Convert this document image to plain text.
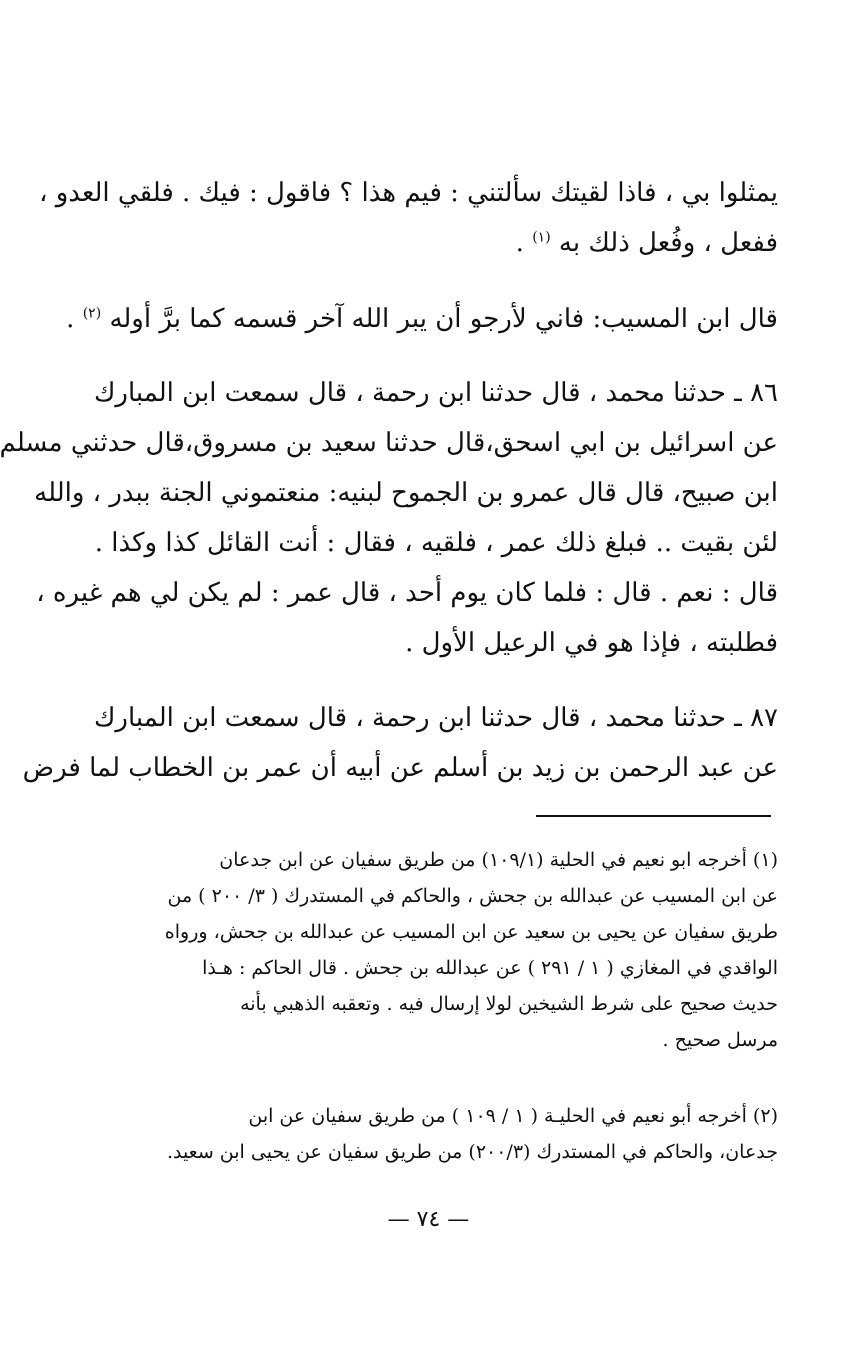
يمثلوا بي ، فاذا لقيتك سألتني : فيم هذا ؟ فاقول : فيك . فلقي العدو ،
ففعل ، وفُعل ذلك به $^{(١)}$ .
قال ابن المسيب: فاني لأرجو أن يبر الله آخر قسمه كما برَّ أوله $^{(٢)}$ .
٨٦ ـ حدثنا محمد ، قال حدثنا ابن رحمة ، قال سمعت ابن المبارك
عن اسرائيل بن ابي اسحق،قال حدثنا سعيد بن مسروق،قال حدثني مسلم
ابن صبيح، قال قال عمرو بن الجموح لبنيه: منعتموني الجنة ببدر ، والله
لئن بقيت .. فبلغ ذلك عمر ، فلقيه ، فقال : أنت القائل كذا وكذا .
قال : نعم . قال : فلما كان يوم أحد ، قال عمر : لم يكن لي هم غيره ،
فطلبته ، فإذا هو في الرعيل الأول .
٨٧ ـ حدثنا محمد ، قال حدثنا ابن رحمة ، قال سمعت ابن المبارك
عن عبد الرحمن بن زيد بن أسلم عن أبيه أن عمر بن الخطاب لما فرض
(١) أخرجه ابو نعيم في الحلية (١٠٩/١) من طريق سفيان عن ابن جدعان
عن ابن المسيب عن عبدالله بن جحش ، والحاكم في المستدرك ( ٣/ ٢٠٠ ) من
طريق سفيان عن يحيى بن سعيد عن ابن المسيب عن عبدالله بن جحش، ورواه
الواقدي في المغازي ( ١ / ٢٩١ ) عن عبدالله بن جحش . قال الحاكم : هـذا
حديث صحيح على شرط الشيخين لولا إرسال فيه . وتعقبه الذهبي بأنه
مرسل صحيح .
(٢) أخرجه أبو نعيم في الحليـة ( ١ / ١٠٩ ) من طريق سفيان عن ابن
جدعان، والحاكم في المستدرك (٢٠٠/٣) من طريق سفيان عن يحيى ابن سعيد.
— ٧٤ —
